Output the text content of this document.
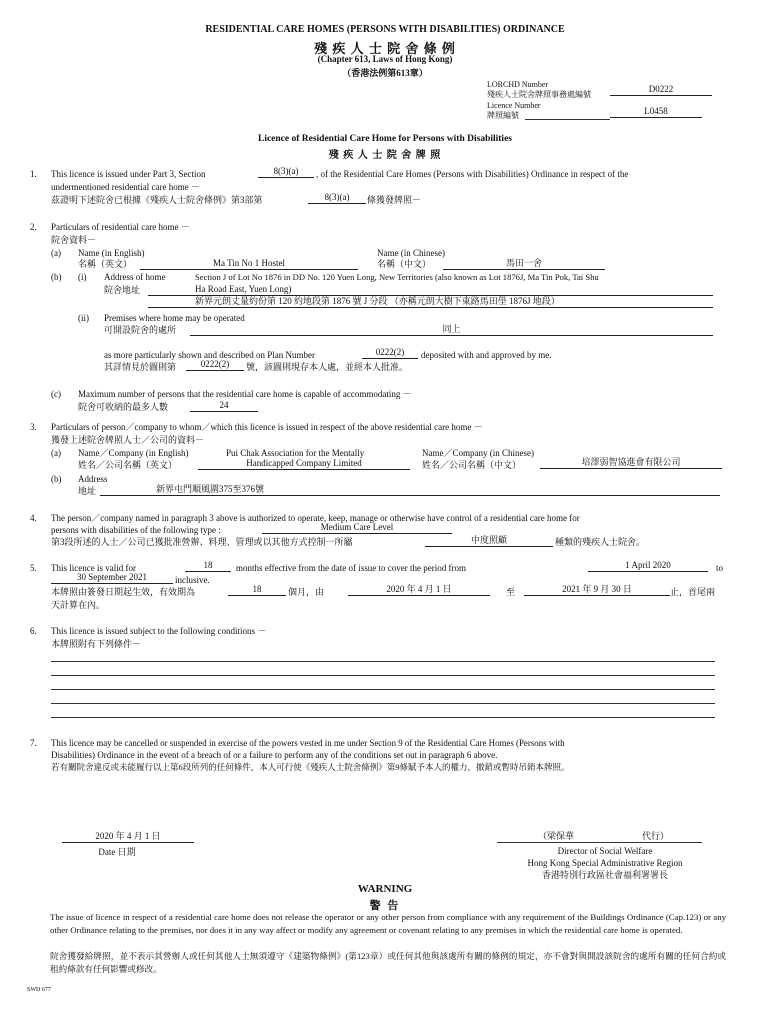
RESIDENTIAL CARE HOMES (PERSONS WITH DISABILITIES) ORDINANCE
殘 疾 人 士 院 舍 條 例
(Chapter 613, Laws of Hong Kong)
（香港法例第613章）
LORCHD Number
殘疾人士院舍牌照事務處編號
D0222
Licence Number
牌照編號	L0458
Licence of Residential Care Home for Persons with Disabilities
殘 疾 人 士 院 舍 牌 照
1. This licence is issued under Part 3, Section	8(3)(a)	, of the Residential Care Homes (Persons with Disabilities) Ordinance in respect of the
undermentioned residential care home －
茲證明下述院舍已根據《殘疾人士院舍條例》第3部第	8(3)(a)	條獲發牌照－
2. Particulars of residential care home －
院舍資料－
(a) Name (in English)
名稱（英文）	Ma Tin No 1 Hostel
Name (in Chinese)
名稱（中文）	馬田一舍
(b) (i) Address of home
院舍地址
Section J of Lot No 1876 in DD No. 120 Yuen Long, New Territories (also known as Lot 1876J, Ma Tin Pok, Tai Shu
Ha Road East, Yuen Long)
新界元朗丈量約份第 120 約地段第 1876 號 J 分段 （亦稱元朗大樹下東路馬田壆 1876J 地段）
(ii) Premises where home may be operated
可開設院舍的處所	同上
as more particularly shown and described on Plan Number	0222(2)	deposited with and approved by me.
其詳情見於圖則第	0222(2)	號，該圖則現存本人處，並經本人批准。
(c) Maximum number of persons that the residential care home is capable of accommodating －
院舍可收納的最多人數	24
3. Particulars of person／company to whom／which this licence is issued in respect of the above residential care home －
獲發上述院舍牌照人士／公司的資料－
(a) Name／Company (in English)
姓名／公司名稱（英文）
Pui Chak Association for the Mentally
Handicapped Company Limited
Name／Company (in Chinese)
姓名／公司名稱（中文）	培澤弱智協進會有限公司
(b) Address
地址	新界屯門順風圍375至376號
4. The person／company named in paragraph 3 above is authorized to operate, keep, manage or otherwise have control of a residential care home for
persons with disabilities of the following type :	Medium Care Level
第3段所述的人士／公司已獲批准營辦、料理、管理或以其他方式控制一所屬	中度照顧	種類的殘疾人士院舍。
5. This licence is valid for	18	months effective from the date of issue to cover the period from	1 April 2020	to
30 September 2021	inclusive.
本牌照由簽發日期起生效，有效期為	18	個月，由	2020 年 4 月 1 日	至	2021 年 9 月 30 日	止，首尾兩
天計算在內。
6. This licence is issued subject to the following conditions －
本牌照附有下列條件－
7. This licence may be cancelled or suspended in exercise of the powers vested in me under Section 9 of the Residential Care Homes (Persons with
Disabilities) Ordinance in the event of a breach of or a failure to perform any of the conditions set out in paragraph 6 above.
若有關院舍違反或未能履行以上第6段所列的任何條件，本人可行使《殘疾人士院舍條例》第9條賦予本人的權力，撤銷或暫時吊銷本牌照。
2020 年 4 月 1 日
Date 日期
（梁保華	代行）
Director of Social Welfare
Hong Kong Special Administrative Region
香港特別行政區社會福利署署長
WARNING
警 告
The issue of licence in respect of a residential care home does not release the operator or any other person from compliance with any requirement of the Buildings Ordinance (Cap.123) or any other Ordinance relating to the premises, nor does it in any way affect or modify any agreement or covenant relating to any premises in which the residential care home is operated.
院舍獲發給牌照，並不表示其營辦人或任何其他人士無須遵守《建築物條例》(第123章）或任何其他與該處所有關的條例的規定，亦不會對與開設該院舍的處所有關的任何合約或租約條款有任何影響或修改。
SWD 677
